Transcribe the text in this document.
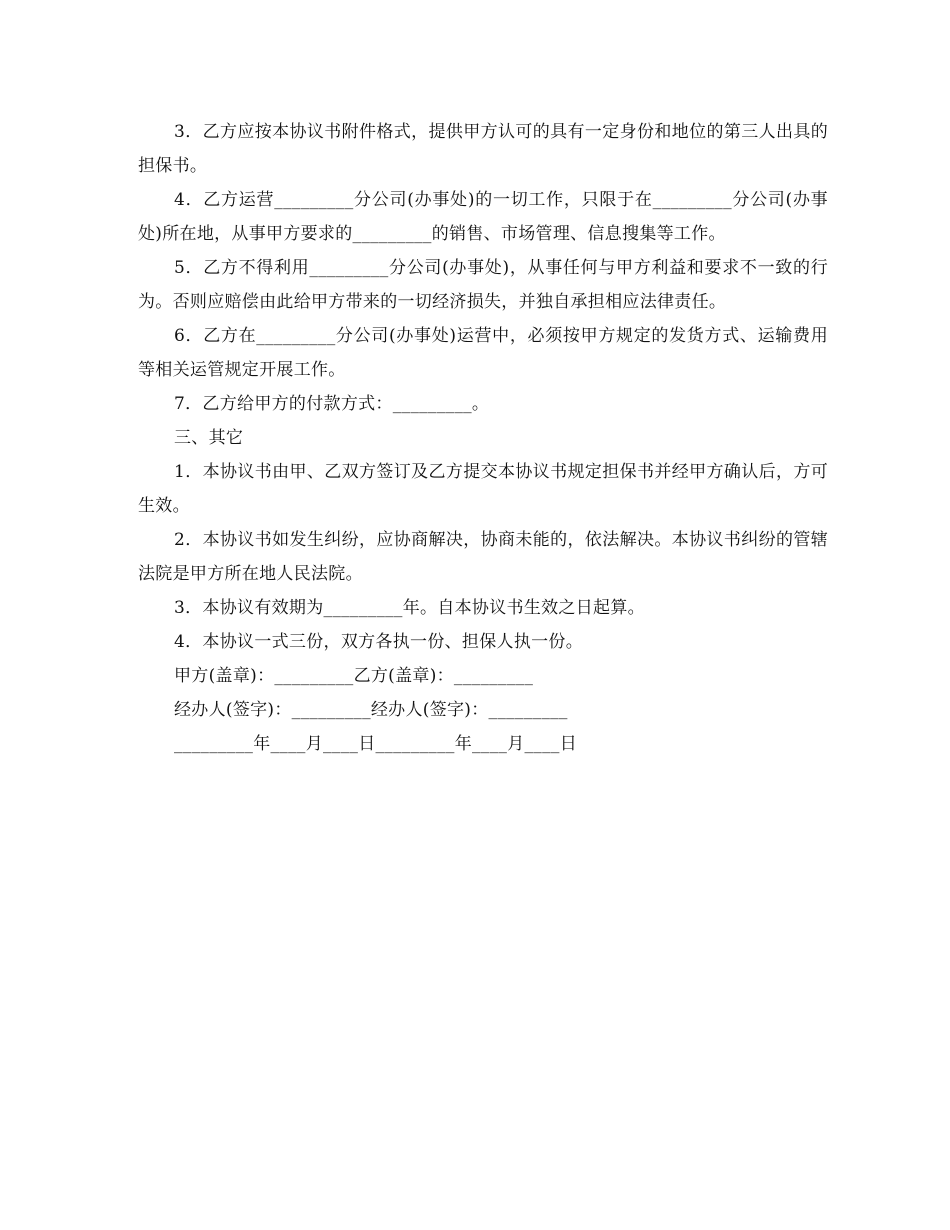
3．乙方应按本协议书附件格式，提供甲方认可的具有一定身份和地位的第三人出具的担保书。

4．乙方运营_________分公司(办事处)的一切工作，只限于在_________分公司(办事处)所在地，从事甲方要求的_________的销售、市场管理、信息搜集等工作。

5．乙方不得利用_________分公司(办事处)，从事任何与甲方利益和要求不一致的行为。否则应赔偿由此给甲方带来的一切经济损失，并独自承担相应法律责任。

6．乙方在_________分公司(办事处)运营中，必须按甲方规定的发货方式、运输费用等相关运管规定开展工作。

7．乙方给甲方的付款方式：_________。

三、其它

1．本协议书由甲、乙双方签订及乙方提交本协议书规定担保书并经甲方确认后，方可生效。

2．本协议书如发生纠纷，应协商解决，协商未能的，依法解决。本协议书纠纷的管辖法院是甲方所在地人民法院。

3．本协议有效期为_________年。自本协议书生效之日起算。

4．本协议一式三份，双方各执一份、担保人执一份。

甲方(盖章)：_________乙方(盖章)：_________

经办人(签字)：_________经办人(签字)：_________

_________年____月____日_________年____月____日
